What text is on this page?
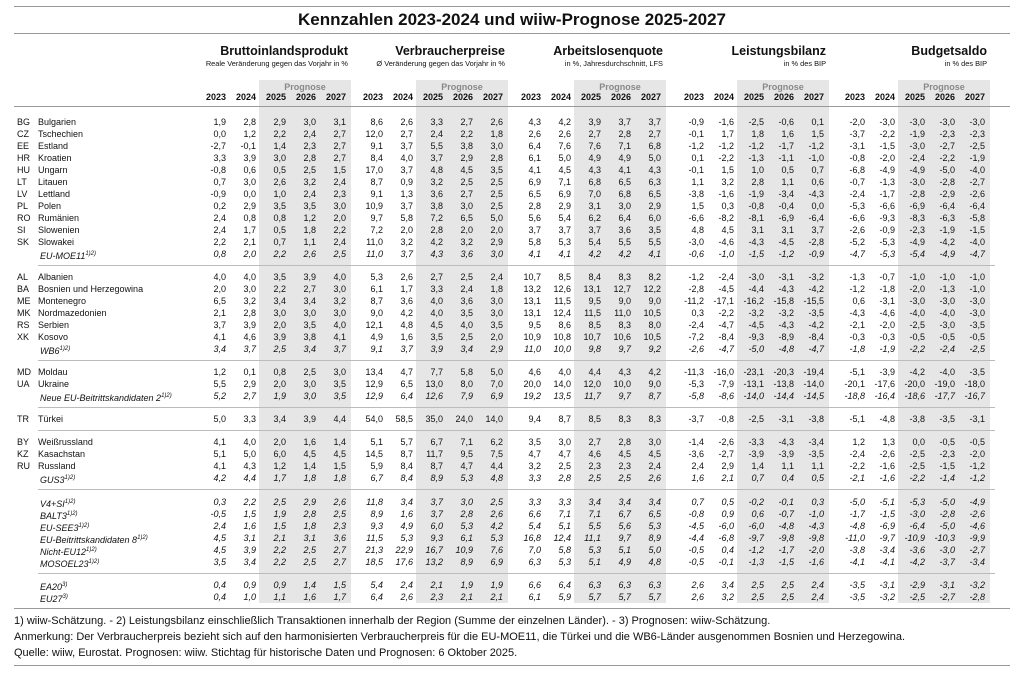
Kennzahlen 2023-2024 und wiiw-Prognose 2025-2027
Bruttoinlandsprodukt
Reale Veränderung gegen das Vorjahr in %
Prognose
2023	2024	2025	2026	2027
Verbraucherpreise
Ø Veränderung gegen das Vorjahr in %
Prognose
2023	2024	2025	2026	2027
Arbeitslosenquote
in %, Jahresdurchschnitt, LFS
Prognose
2023	2024	2025	2026	2027
Leistungsbilanz
in % des BIP
Prognose
2023	2024	2025	2026	2027
Budgetsaldo
in % des BIP
Prognose
2023	2024	2025	2026	2027
BG Bulgarien	1,9	2,8	2,9	3,0	3,1	8,6	2,6	3,3	2,7	2,6	4,3	4,2	3,9	3,7	3,7	-0,9	-1,6	-2,5	-0,6	0,1	-2,0	-3,0	-3,0	-3,0	-3,0
CZ Tschechien	0,0	1,2	2,2	2,4	2,7	12,0	2,7	2,4	2,2	1,8	2,6	2,6	2,7	2,8	2,7	-0,1	1,7	1,8	1,6	1,5	-3,7	-2,2	-1,9	-2,3	-2,3
EE Estland	-2,7	-0,1	1,4	2,3	2,7	9,1	3,7	5,5	3,8	3,0	6,4	7,6	7,6	7,1	6,8	-1,2	-1,2	-1,2	-1,7	-1,2	-3,1	-1,5	-3,0	-2,7	-2,5
HR Kroatien	3,3	3,9	3,0	2,8	2,7	8,4	4,0	3,7	2,9	2,8	6,1	5,0	4,9	4,9	5,0	0,1	-2,2	-1,3	-1,1	-1,0	-0,8	-2,0	-2,4	-2,2	-1,9
HU Ungarn	-0,8	0,6	0,5	2,5	1,5	17,0	3,7	4,8	4,5	3,5	4,1	4,5	4,3	4,1	4,3	-0,1	1,5	1,0	0,5	0,7	-6,8	-4,9	-4,9	-5,0	-4,0
LT Litauen	0,7	3,0	2,6	3,2	2,4	8,7	0,9	3,2	2,5	2,5	6,9	7,1	6,8	6,5	6,3	1,1	3,2	2,8	1,1	0,6	-0,7	-1,3	-3,0	-2,8	-2,7
LV Lettland	-0,9	0,0	1,0	2,4	2,3	9,1	1,3	3,6	2,7	2,5	6,5	6,9	7,0	6,8	6,5	-3,8	-1,6	-1,9	-3,4	-4,3	-2,4	-1,7	-2,8	-2,9	-2,6
PL Polen	0,2	2,9	3,5	3,5	3,0	10,9	3,7	3,8	3,0	2,5	2,8	2,9	3,1	3,0	2,9	1,5	0,3	-0,8	-0,4	0,0	-5,3	-6,6	-6,9	-6,4	-6,4
RO Rumänien	2,4	0,8	0,8	1,2	2,0	9,7	5,8	7,2	6,5	5,0	5,6	5,4	6,2	6,4	6,0	-6,6	-8,2	-8,1	-6,9	-6,4	-6,6	-9,3	-8,3	-6,3	-5,8
SI Slowenien	2,4	1,7	0,5	1,8	2,2	7,2	2,0	2,8	2,0	2,0	3,7	3,7	3,7	3,6	3,5	4,8	4,5	3,1	3,1	3,7	-2,6	-0,9	-2,3	-1,9	-1,5
SK Slowakei	2,2	2,1	0,7	1,1	2,4	11,0	3,2	4,2	3,2	2,9	5,8	5,3	5,4	5,5	5,5	-3,0	-4,6	-4,3	-4,5	-2,8	-5,2	-5,3	-4,9	-4,2	-4,0
$EU-MOE11^{1)2)}$	0,8	2,0	2,2	2,6	2,5	11,0	3,7	4,3	3,6	3,0	4,1	4,1	4,2	4,2	4,1	-0,6	-1,0	-1,5	-1,2	-0,9	-4,7	-5,3	-5,4	-4,9	-4,7
AL Albanien	4,0	4,0	3,5	3,9	4,0	5,3	2,6	2,7	2,5	2,4	10,7	8,5	8,4	8,3	8,2	-1,2	-2,4	-3,0	-3,1	-3,2	-1,3	-0,7	-1,0	-1,0	-1,0
BA Bosnien und Herzegowina	2,0	3,0	2,2	2,7	3,0	6,1	1,7	3,3	2,4	1,8	13,2	12,6	13,1	12,7	12,2	-2,8	-4,5	-4,4	-4,3	-4,2	-1,2	-1,8	-2,0	-1,3	-1,0
ME Montenegro	6,5	3,2	3,4	3,4	3,2	8,7	3,6	4,0	3,6	3,0	13,1	11,5	9,5	9,0	9,0	-11,2	-17,1	-16,2	-15,8	-15,5	0,6	-3,1	-3,0	-3,0	-3,0
MK Nordmazedonien	2,1	2,8	3,0	3,0	3,0	9,0	4,2	4,0	3,5	3,0	13,1	12,4	11,5	11,0	10,5	0,3	-2,2	-3,2	-3,2	-3,5	-4,3	-4,6	-4,0	-4,0	-3,0
RS Serbien	3,7	3,9	2,0	3,5	4,0	12,1	4,8	4,5	4,0	3,5	9,5	8,6	8,5	8,3	8,0	-2,4	-4,7	-4,5	-4,3	-4,2	-2,1	-2,0	-2,5	-3,0	-3,5
XK Kosovo	4,1	4,6	3,9	3,8	4,1	4,9	1,6	3,5	2,5	2,0	10,9	10,8	10,7	10,6	10,5	-7,2	-8,4	-9,3	-8,9	-8,4	-0,3	-0,3	-0,5	-0,5	-0,5
$WB6^{1)2)}$	3,4	3,7	2,5	3,4	3,7	9,1	3,7	3,9	3,4	2,9	11,0	10,0	9,8	9,7	9,2	-2,6	-4,7	-5,0	-4,8	-4,7	-1,8	-1,9	-2,2	-2,4	-2,5
MD Moldau	1,2	0,1	0,8	2,5	3,0	13,4	4,7	7,7	5,8	5,0	4,6	4,0	4,4	4,3	4,2	-11,3	-16,0	-23,1	-20,3	-19,4	-5,1	-3,9	-4,2	-4,0	-3,5
UA Ukraine	5,5	2,9	2,0	3,0	3,5	12,9	6,5	13,0	8,0	7,0	20,0	14,0	12,0	10,0	9,0	-5,3	-7,9	-13,1	-13,8	-14,0	-20,1	-17,6	-20,0	-19,0	-18,0
Neue EU-Beitrittskandidaten $2^{1)2)}$	5,2	2,7	1,9	3,0	3,5	12,9	6,4	12,6	7,9	6,9	19,2	13,5	11,7	9,7	8,7	-5,8	-8,6	-14,0	-14,4	-14,5	-18,8	-16,4	-18,6	-17,7	-16,7
TR Türkei	5,0	3,3	3,4	3,9	4,4	54,0	58,5	35,0	24,0	14,0	9,4	8,7	8,5	8,3	8,3	-3,7	-0,8	-2,5	-3,1	-3,8	-5,1	-4,8	-3,8	-3,5	-3,1
BY Weißrussland	4,1	4,0	2,0	1,6	1,4	5,1	5,7	6,7	7,1	6,2	3,5	3,0	2,7	2,8	3,0	-1,4	-2,6	-3,3	-4,3	-3,4	1,2	1,3	0,0	-0,5	-0,5
KZ Kasachstan	5,1	5,0	6,0	4,5	4,5	14,5	8,7	11,7	9,5	7,5	4,7	4,7	4,6	4,5	4,5	-3,6	-2,7	-3,9	-3,9	-3,5	-2,4	-2,6	-2,5	-2,3	-2,0
RU Russland	4,1	4,3	1,2	1,4	1,5	5,9	8,4	8,7	4,7	4,4	3,2	2,5	2,3	2,3	2,4	2,4	2,9	1,4	1,1	1,1	-2,2	-1,6	-2,5	-1,5	-1,2
$GUS3^{1)2)}$	4,2	4,4	1,7	1,8	1,8	6,7	8,4	8,9	5,3	4,8	3,3	2,8	2,5	2,5	2,6	1,6	2,1	0,7	0,4	0,5	-2,1	-1,6	-2,2	-1,4	-1,2
$V4+SI^{1)2)}$	0,3	2,2	2,5	2,9	2,6	11,8	3,4	3,7	3,0	2,5	3,3	3,3	3,4	3,4	3,4	0,7	0,5	-0,2	-0,1	0,3	-5,0	-5,1	-5,3	-5,0	-4,9
$BALT3^{1)2)}$	-0,5	1,5	1,9	2,8	2,5	8,9	1,6	3,7	2,8	2,6	6,6	7,1	7,1	6,7	6,5	-0,8	0,9	0,6	-0,7	-1,0	-1,7	-1,5	-3,0	-2,8	-2,6
$EU-SEE3^{1)2)}$	2,4	1,6	1,5	1,8	2,3	9,3	4,9	6,0	5,3	4,2	5,4	5,1	5,5	5,6	5,3	-4,5	-6,0	-6,0	-4,8	-4,3	-4,8	-6,9	-6,4	-5,0	-4,6
EU-Beitrittskandidaten $8^{1)2)}$	4,5	3,1	2,1	3,1	3,6	11,5	5,3	9,3	6,1	5,3	16,8	12,4	11,1	9,7	8,9	-4,4	-6,8	-9,7	-9,8	-9,8	-11,0	-9,7	-10,9	-10,3	-9,9
Nicht-$EU12^{1)2)}$	4,5	3,9	2,2	2,5	2,7	21,3	22,9	16,7	10,9	7,6	7,0	5,8	5,3	5,1	5,0	-0,5	0,4	-1,2	-1,7	-2,0	-3,8	-3,4	-3,6	-3,0	-2,7
$MOSOEL23^{1)2)}$	3,5	3,4	2,2	2,5	2,7	18,5	17,6	13,2	8,9	6,9	6,3	5,3	5,1	4,9	4,8	-0,5	-0,1	-1,3	-1,5	-1,6	-4,1	-4,1	-4,2	-3,7	-3,4
EA20$^{3)}$	0,4	0,9	0,9	1,4	1,5	5,4	2,4	2,1	1,9	1,9	6,6	6,4	6,3	6,3	6,3	2,6	3,4	2,5	2,5	2,4	-3,5	-3,1	-2,9	-3,1	-3,2
EU27$^{3)}$	0,4	1,0	1,1	1,6	1,7	6,4	2,6	2,3	2,1	2,1	6,1	5,9	5,7	5,7	5,7	2,6	3,2	2,5	2,5	2,4	-3,5	-3,2	-2,5	-2,7	-2,8
1) wiiw-Schätzung. - 2) Leistungsbilanz einschließlich Transaktionen innerhalb der Region (Summe der einzelnen Länder). - 3) Prognosen: wiiw-Schätzung.
Anmerkung: Der Verbraucherpreis bezieht sich auf den harmonisierten Verbraucherpreis für die EU-MOE11, die Türkei und die WB6-Länder ausgenommen Bosnien und Herzegowina.
Quelle: wiiw, Eurostat. Prognosen: wiiw. Stichtag für historische Daten und Prognosen: 6 Oktober 2025.
